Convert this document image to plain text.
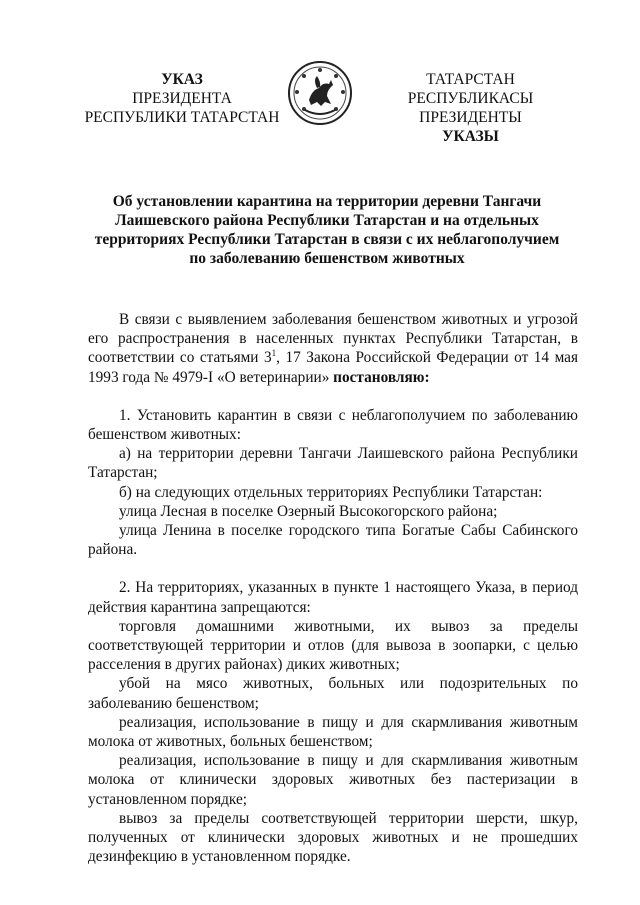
УКАЗ
ПРЕЗИДЕНТА
РЕСПУБЛИКИ ТАТАРСТАН
ТАТАРСТАН РЕСПУБЛИКАСЫ
ПРЕЗИДЕНТЫ
УКАЗЫ
Об установлении карантина на территории деревни Тангачи
Лаишевского района Республики Татарстан и на отдельных
территориях Республики Татарстан в связи с их неблагополучием
по заболеванию бешенством животных

В связи с выявлением заболевания бешенством животных и угрозой его распространения в населенных пунктах Республики Татарстан, в соответствии со статьями $3^1$, 17 Закона Российской Федерации от 14 мая 1993 года № 4979-I «О ветеринарии» постановляю:

1. Установить карантин в связи с неблагополучием по заболеванию бешенством животных:

а) на территории деревни Тангачи Лаишевского района Республики Татарстан;

б) на следующих отдельных территориях Республики Татарстан:

улица Лесная в поселке Озерный Высокогорского района;

улица Ленина в поселке городского типа Богатые Сабы Сабинского района.

2. На территориях, указанных в пункте 1 настоящего Указа, в период действия карантина запрещаются:

торговля домашними животными, их вывоз за пределы соответствующей территории и отлов (для вывоза в зоопарки, с целью расселения в других районах) диких животных;

убой на мясо животных, больных или подозрительных по заболеванию бешенством;

реализация, использование в пищу и для скармливания животным молока от животных, больных бешенством;

реализация, использование в пищу и для скармливания животным молока от клинически здоровых животных без пастеризации в установленном порядке;

вывоз за пределы соответствующей территории шерсти, шкур, полученных от клинически здоровых животных и не прошедших дезинфекцию в установленном порядке.
